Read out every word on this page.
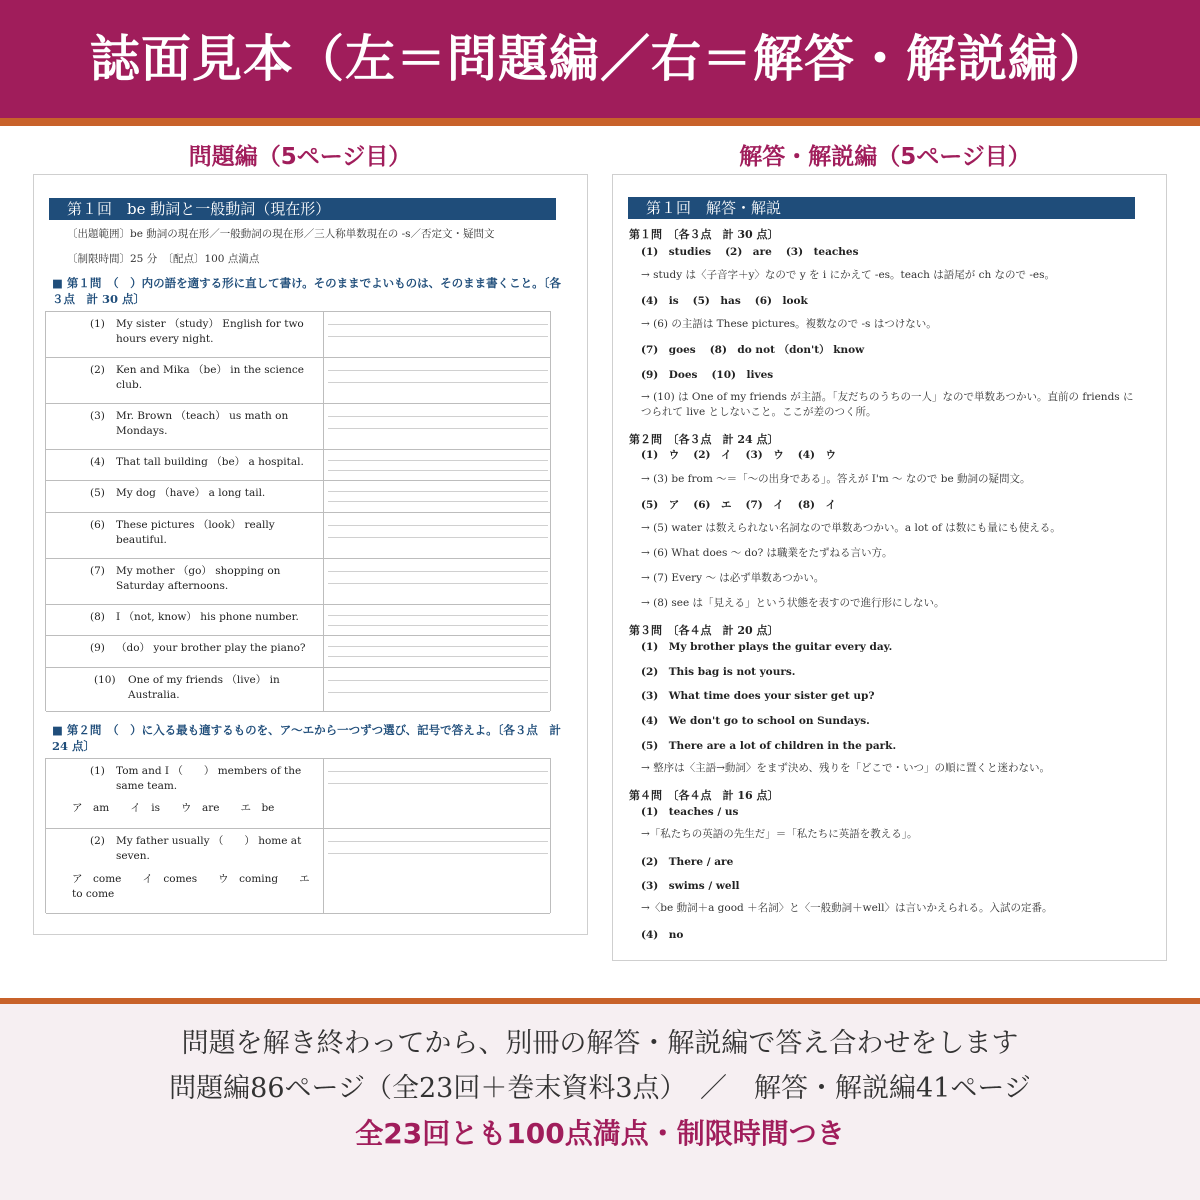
誌面見本（左＝問題編／右＝解答・解説編）
問題編（5ページ目）	解答・解説編（5ページ目）
第１回　be 動詞と一般動詞（現在形）
〔出題範囲〕be 動詞の現在形／一般動詞の現在形／三人称単数現在の -s／否定文・疑問文
〔制限時間〕25 分　〔配点〕100 点満点
■ 第１問　（　）内の語を適する形に直して書け。そのままでよいものは、そのまま書くこと。〔各３点　計 30 点〕
(1) My sister （study） English for two hours every night.
(2) Ken and Mika （be） in the science club.
(3) Mr. Brown （teach） us math on Mondays.
(4) That tall building （be） a hospital.
(5) My dog （have） a long tail.
(6) These pictures （look） really beautiful.
(7) My mother （go） shopping on Saturday afternoons.
(8) I （not, know） his phone number.
(9) （do） your brother play the piano?
(10) One of my friends （live） in Australia.
■ 第２問　（　）に入る最も適するものを、ア〜エから一つずつ選び、記号で答えよ。〔各３点　計 24 点〕
(1) Tom and I （　　） members of the same team.
ア　am　　イ　is　　ウ　are　　エ　be
(2) My father usually （　　） home at seven.
ア　come　　イ　comes　　ウ　coming　　エ　to come
第１回　解答・解説
第１問　〔各３点　計 30 点〕
(1)　studies (2)　are (3)　teaches
→ study は〈子音字＋y〉なので y を i にかえて -es。teach は語尾が ch なので -es。
(4)　is (5)　has (6)　look
→ (6) の主語は These pictures。複数なので -s はつけない。
(7)　goes (8)　do not （don't） know
(9)　Does (10)　lives
→ (10) は One of my friends が主語。「友だちのうちの一人」なので単数あつかい。直前の friends につられて live としないこと。ここが差のつく所。
第２問　〔各３点　計 24 点〕
(1)　ウ (2)　イ (3)　ウ (4)　ウ
→ (3) be from 〜＝「〜の出身である」。答えが I'm 〜 なので be 動詞の疑問文。
(5)　ア (6)　エ (7)　イ (8)　イ
→ (5) water は数えられない名詞なので単数あつかい。a lot of は数にも量にも使える。
→ (6) What does 〜 do? は職業をたずねる言い方。
→ (7) Every 〜 は必ず単数あつかい。
→ (8) see は「見える」という状態を表すので進行形にしない。
第３問　〔各４点　計 20 点〕
(1)　My brother plays the guitar every day.
(2)　This bag is not yours.
(3)　What time does your sister get up?
(4)　We don't go to school on Sundays.
(5)　There are a lot of children in the park.
→ 整序は〈主語→動詞〉をまず決め、残りを「どこで・いつ」の順に置くと迷わない。
第４問　〔各４点　計 16 点〕
(1)　teaches / us
→「私たちの英語の先生だ」＝「私たちに英語を教える」。
(2)　There / are
(3)　swims / well
→〈be 動詞＋a good ＋名詞〉と〈一般動詞＋well〉は言いかえられる。入試の定番。
(4)　no
問題を解き終わってから、別冊の解答・解説編で答え合わせをします
問題編86ページ（全23回＋巻末資料3点）　／　解答・解説編41ページ
全23回とも100点満点・制限時間つき
